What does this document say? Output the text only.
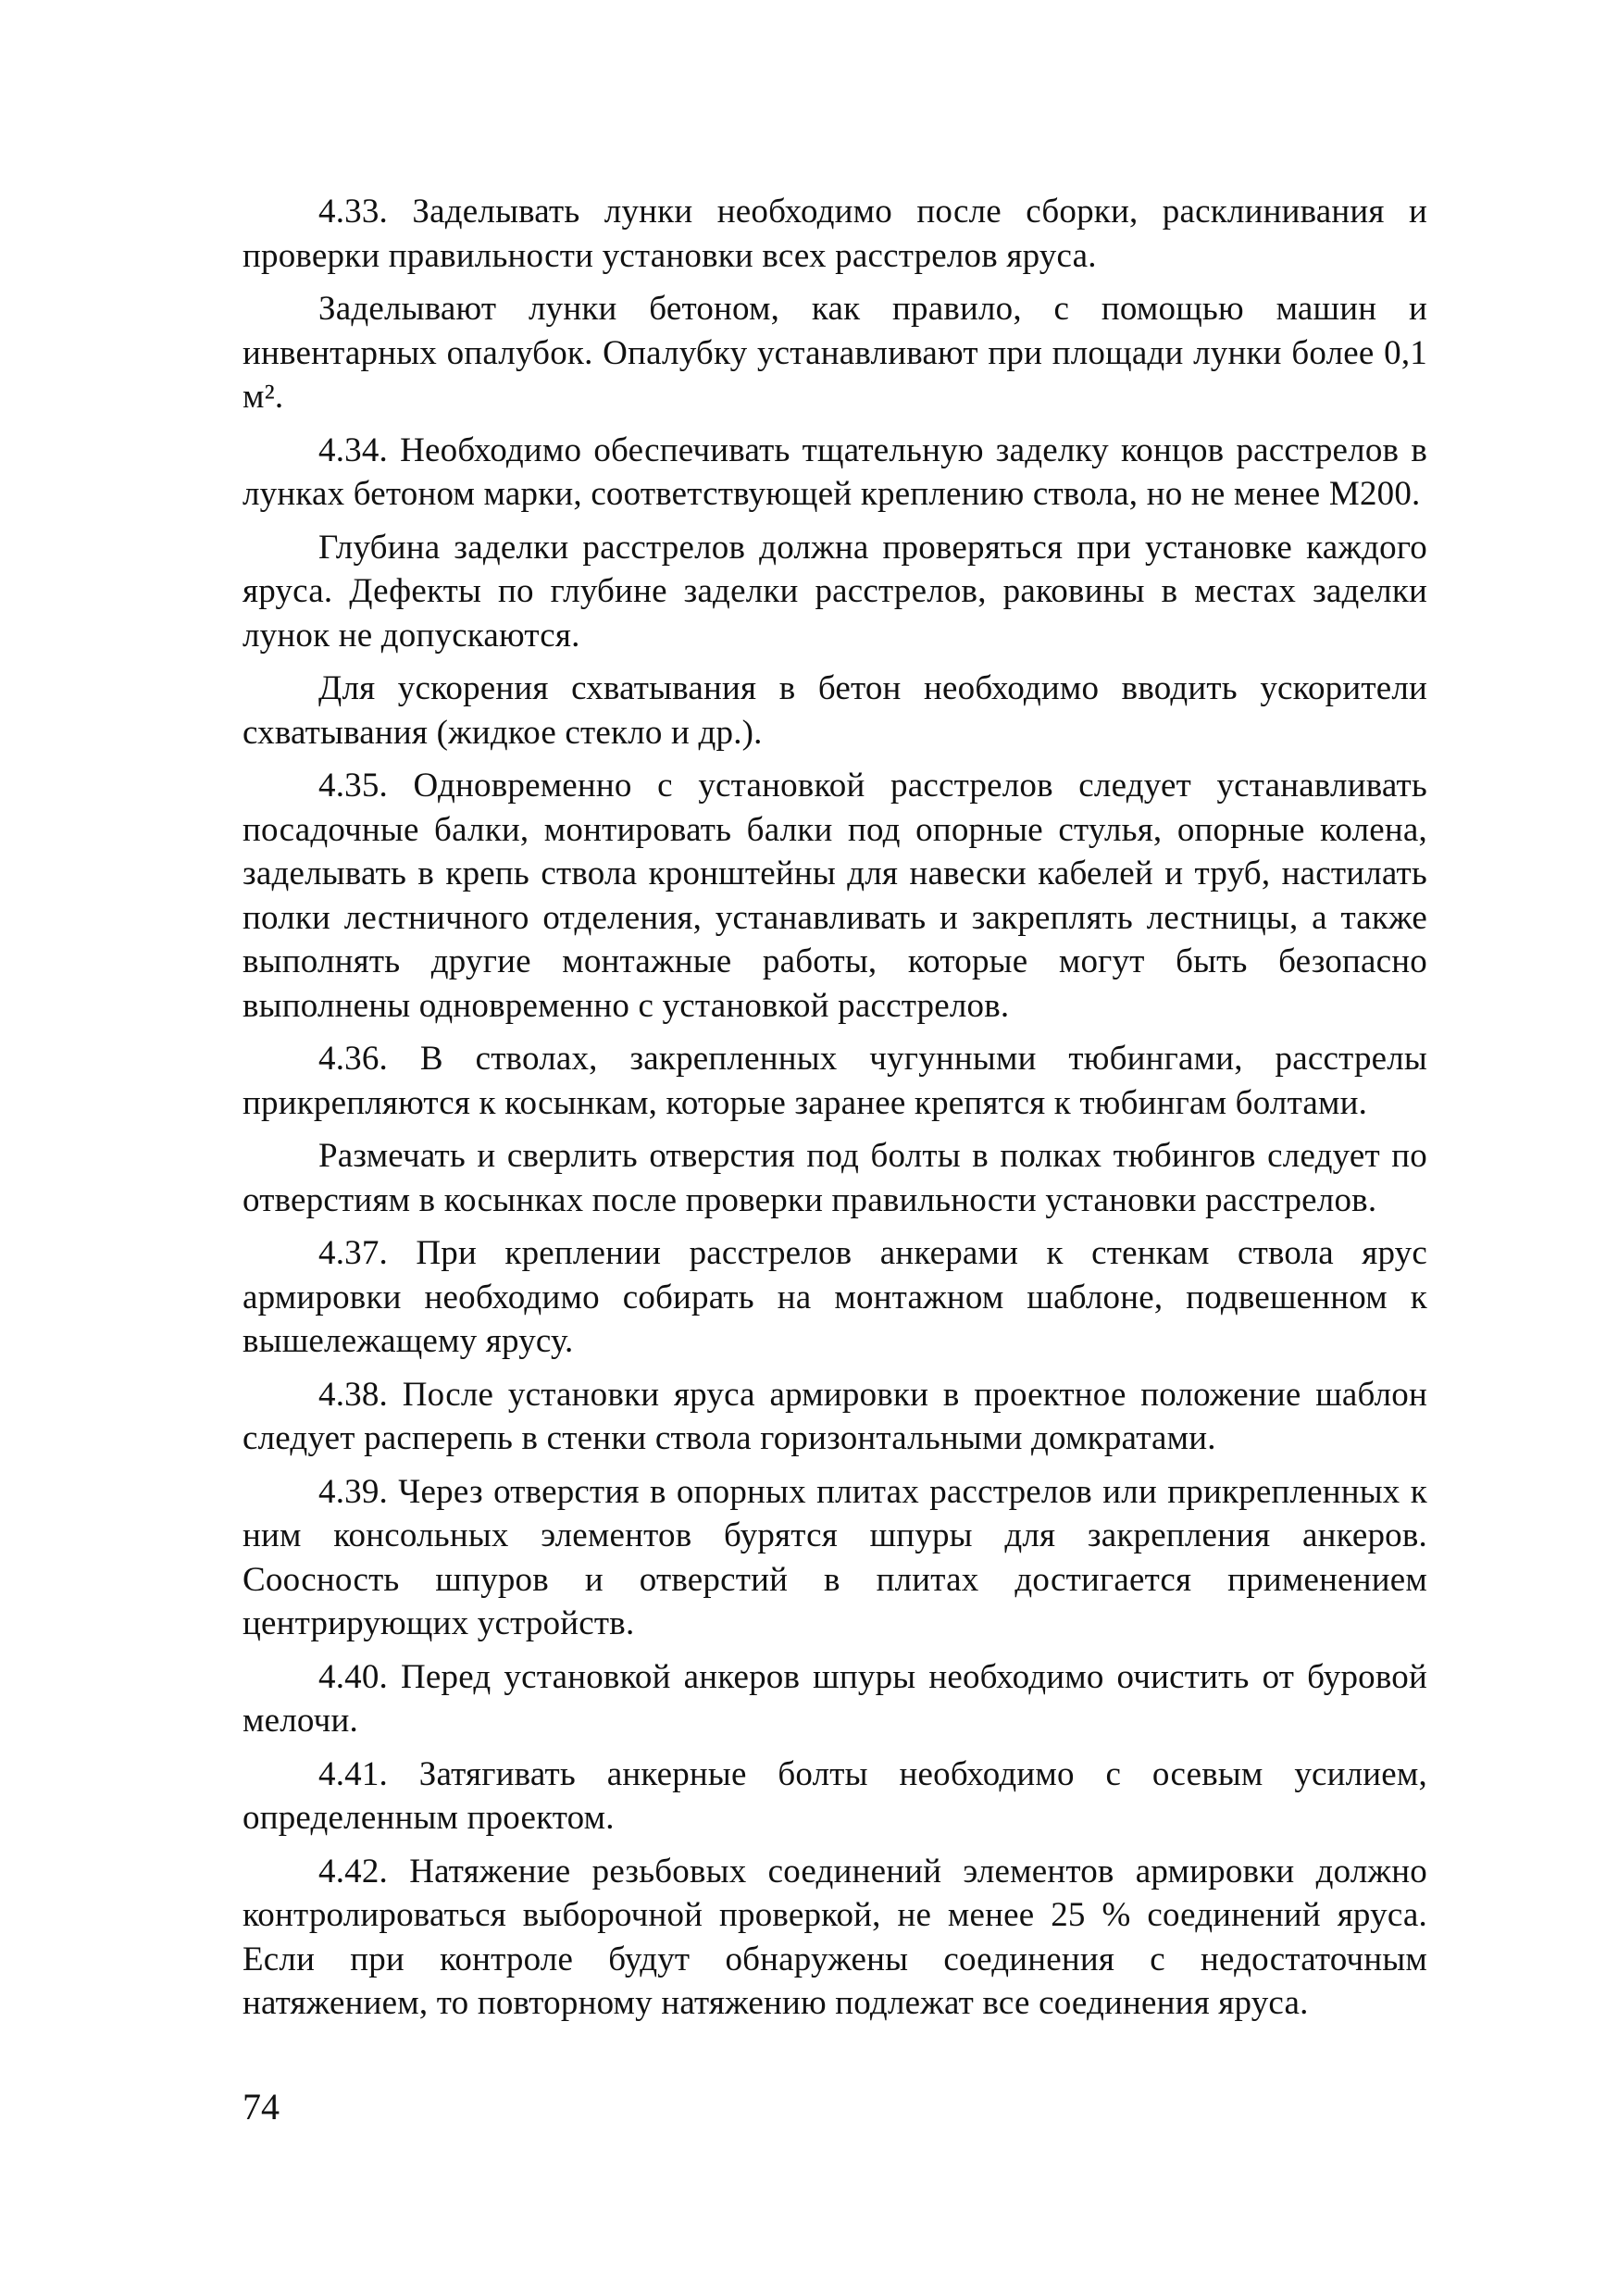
4.33. Заделывать лунки необходимо после сборки, расклинивания и проверки правильности установки всех расстрелов яруса.

Заделывают лунки бетоном, как правило, с помощью машин и инвентарных опалубок. Опалубку устанавливают при площади лунки более 0,1 м².

4.34. Необходимо обеспечивать тщательную заделку концов расстрелов в лунках бетоном марки, соответствующей креплению ствола, но не менее М200.

Глубина заделки расстрелов должна проверяться при установке каждого яруса. Дефекты по глубине заделки расстрелов, раковины в местах заделки лунок не допускаются.

Для ускорения схватывания в бетон необходимо вводить ускорители схватывания (жидкое стекло и др.).

4.35. Одновременно с установкой расстрелов следует устанавливать посадочные балки, монтировать балки под опорные стулья, опорные колена, заделывать в крепь ствола кронштейны для навески кабелей и труб, настилать полки лестничного отделения, устанавливать и закреплять лестницы, а также выполнять другие монтажные работы, которые могут быть безопасно выполнены одновременно с установкой расстрелов.

4.36. В стволах, закрепленных чугунными тюбингами, расстрелы прикрепляются к косынкам, которые заранее крепятся к тюбингам болтами.

Размечать и сверлить отверстия под болты в полках тюбингов следует по отверстиям в косынках после проверки правильности установки расстрелов.

4.37. При креплении расстрелов анкерами к стенкам ствола ярус армировки необходимо собирать на монтажном шаблоне, подвешенном к вышележащему ярусу.

4.38. После установки яруса армировки в проектное положение шаблон следует расперепь в стенки ствола горизонтальными домкратами.

4.39. Через отверстия в опорных плитах расстрелов или прикрепленных к ним консольных элементов бурятся шпуры для закрепления анкеров. Соосность шпуров и отверстий в плитах достигается применением центрирующих устройств.

4.40. Перед установкой анкеров шпуры необходимо очистить от буровой мелочи.

4.41. Затягивать анкерные болты необходимо с осевым усилием, определенным проектом.

4.42. Натяжение резьбовых соединений элементов армировки должно контролироваться выборочной проверкой, не менее 25 % соединений яруса. Если при контроле будут обнаружены соединения с недостаточным натяжением, то повторному натяжению подлежат все соединения яруса.

74
